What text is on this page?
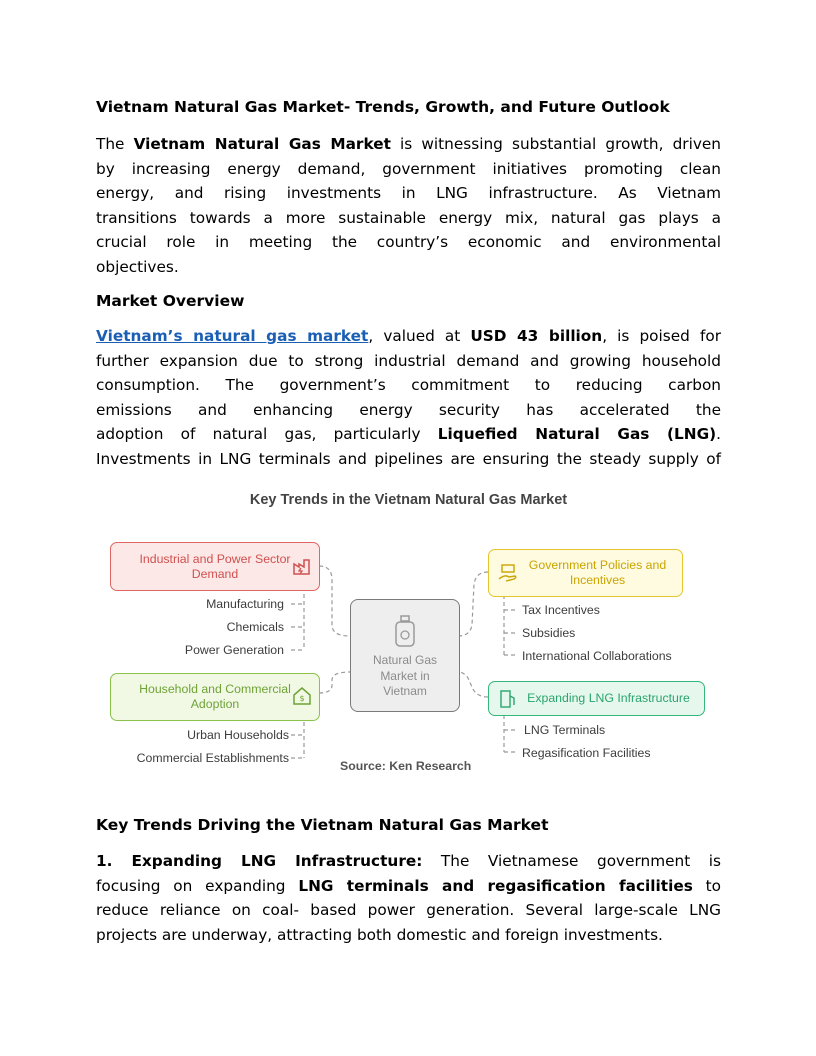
Vietnam Natural Gas Market- Trends, Growth, and Future Outlook
The Vietnam Natural Gas Market is witnessing substantial growth, driven
by increasing energy demand, government initiatives promoting clean
energy, and rising investments in LNG infrastructure. As Vietnam
transitions towards a more sustainable energy mix, natural gas plays a
crucial role in meeting the country’s economic and environmental
objectives.
Market Overview
Vietnam’s natural gas market, valued at USD 43 billion, is poised for
further expansion due to strong industrial demand and growing household
consumption. The government’s commitment to reducing carbon
emissions and enhancing energy security has accelerated the
adoption of natural gas, particularly Liquefied Natural Gas (LNG).
Investments in LNG terminals and pipelines are ensuring the steady supply of
Key Trends in the Vietnam Natural Gas Market
Industrial and Power Sector Demand
Manufacturing
Chemicals
Power Generation
Household and Commercial Adoption	$
Urban Households
Commercial Establishments
Natural Gas Market in Vietnam
Government Policies and Incentives
Tax Incentives
Subsidies
International Collaborations
Expanding LNG Infrastructure
LNG Terminals
Regasification Facilities
Source: Ken Research
Key Trends Driving the Vietnam Natural Gas Market
1. Expanding LNG Infrastructure: The Vietnamese government is
focusing on expanding LNG terminals and regasification facilities to
reduce reliance on coal- based power generation. Several large-scale LNG
projects are underway, attracting both domestic and foreign investments.
